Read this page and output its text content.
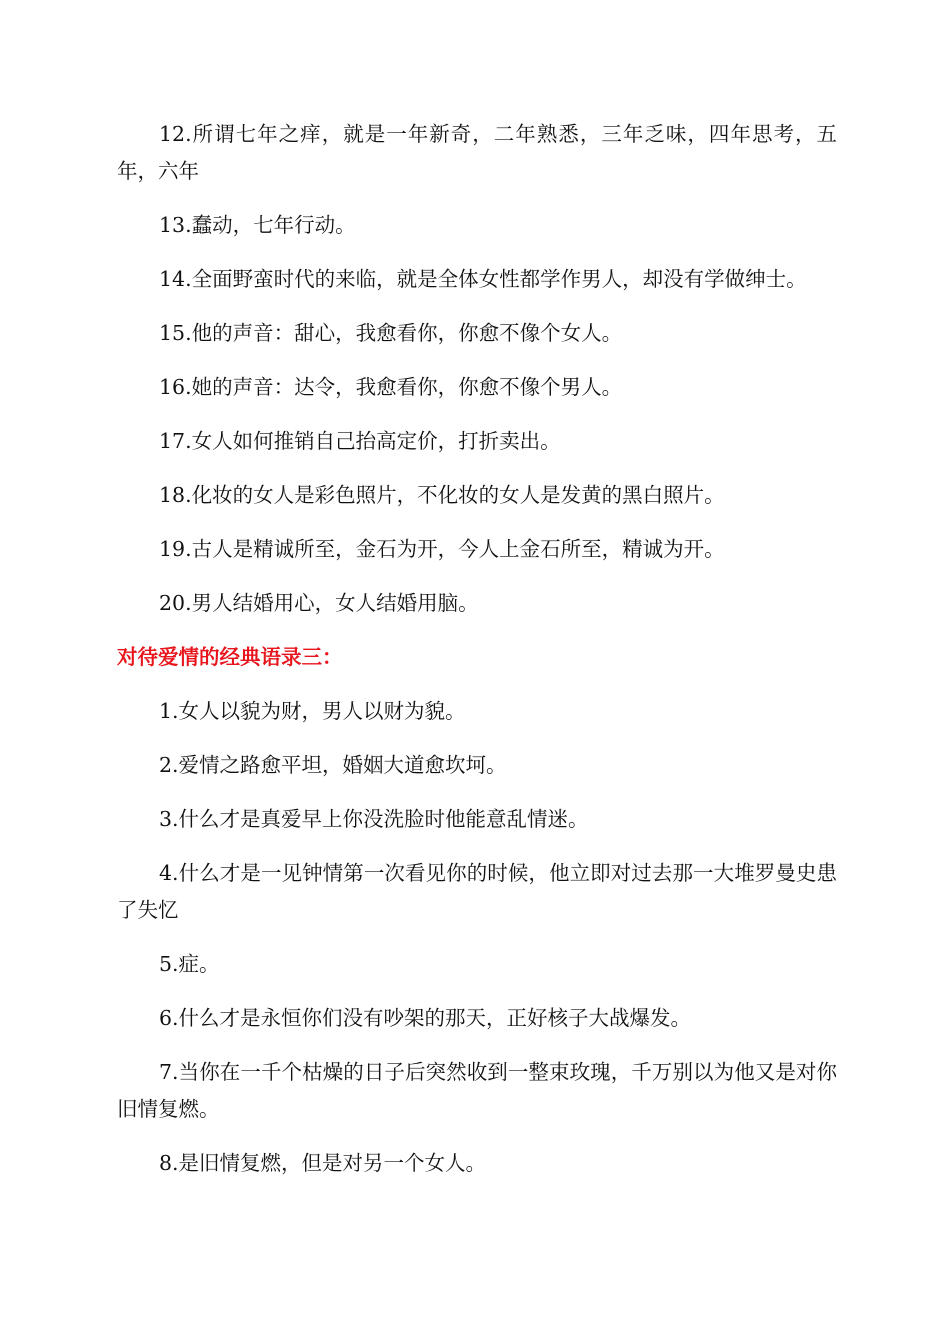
12.所谓七年之痒，就是一年新奇，二年熟悉，三年乏味，四年思考，五年，六年

13.蠢动，七年行动。

14.全面野蛮时代的来临，就是全体女性都学作男人，却没有学做绅士。

15.他的声音：甜心，我愈看你，你愈不像个女人。

16.她的声音：达令，我愈看你，你愈不像个男人。

17.女人如何推销自己抬高定价，打折卖出。

18.化妆的女人是彩色照片，不化妆的女人是发黄的黑白照片。

19.古人是精诚所至，金石为开，今人上金石所至，精诚为开。

20.男人结婚用心，女人结婚用脑。

对待爱情的经典语录三：

1.女人以貌为财，男人以财为貌。

2.爱情之路愈平坦，婚姻大道愈坎坷。

3.什么才是真爱早上你没洗脸时他能意乱情迷。

4.什么才是一见钟情第一次看见你的时候，他立即对过去那一大堆罗曼史患了失忆

5.症。

6.什么才是永恒你们没有吵架的那天，正好核子大战爆发。

7.当你在一千个枯燥的日子后突然收到一整束玫瑰，千万别以为他又是对你旧情复燃。

8.是旧情复燃，但是对另一个女人。
